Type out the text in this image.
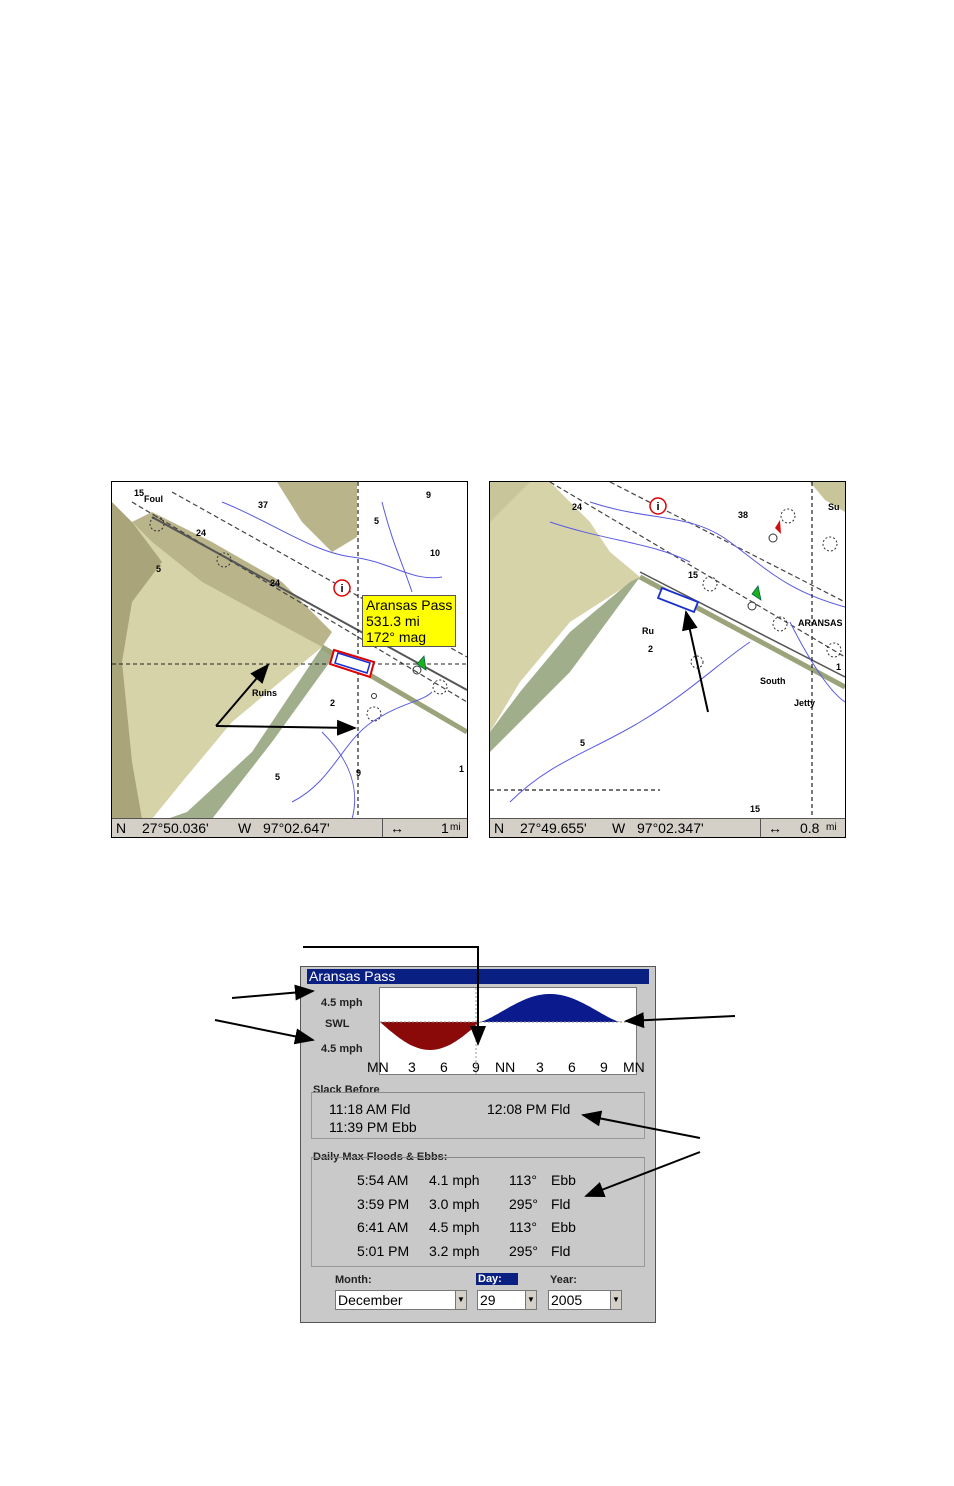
i
15
Foul
37
24
5
24
5
9
10
Ruins
2
5	9	1
Aransas Pass
531.3 mi
172° mag
N 27°50.036' W 97°02.647'	↔	1 mi
i
24
38
Su
15
Ru
2
ARANSAS
1
South
Jetty
5
15
N 27°49.655' W 97°02.347'	↔ 0.8 mi
Aransas Pass
4.5 mph
SWL
4.5 mph
MN 3 6 9 NN 3 6 9 MN
Slack Before
11:18 AM Fld	12:08 PM Fld
11:39 PM Ebb
Daily Max Floods & Ebbs:
5:54 AM 4.1 mph 113° Ebb
3:59 PM 3.0 mph 295° Fld
6:41 AM 4.5 mph 113° Ebb
5:01 PM 3.2 mph 295° Fld
Month:	Day:	Year:
December	▼ 29	▼ 2005	▼
